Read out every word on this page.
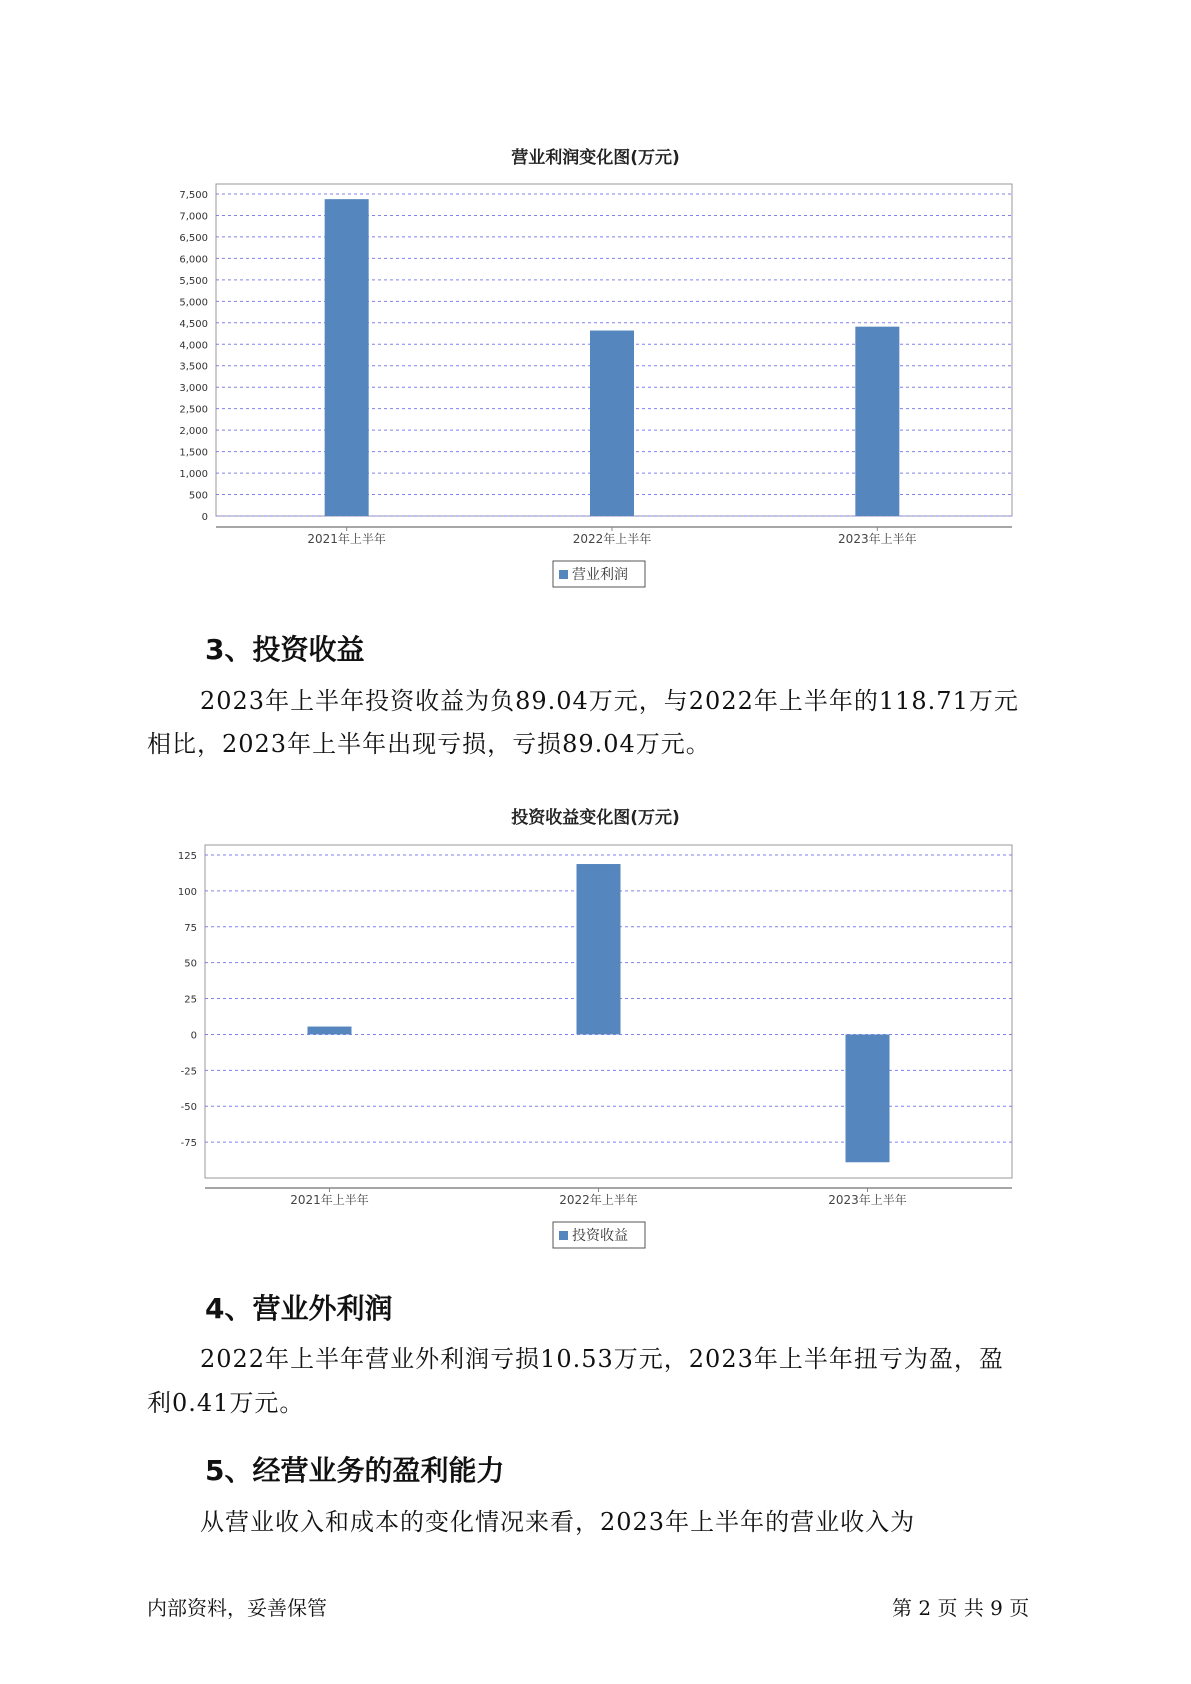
营业利润变化图(万元)
0
500
1,000
1,500
2,000
2,500
3,000
3,500
4,000
4,500
5,000
5,500
6,000
6,500
7,000
7,500
2021年上半年	2022年上半年	2023年上半年
营业利润
3、投资收益
2023年上半年投资收益为负89.04万元，与2022年上半年的118.71万元
相比，2023年上半年出现亏损，亏损89.04万元。
投资收益变化图(万元)
-75
-50
-25
0
25
50
75
100
125
2021年上半年	2022年上半年	2023年上半年
投资收益
4、营业外利润
2022年上半年营业外利润亏损10.53万元，2023年上半年扭亏为盈，盈
利0.41万元。
5、经营业务的盈利能力
从营业收入和成本的变化情况来看，2023年上半年的营业收入为
内部资料，妥善保管	第 2 页 共 9 页
